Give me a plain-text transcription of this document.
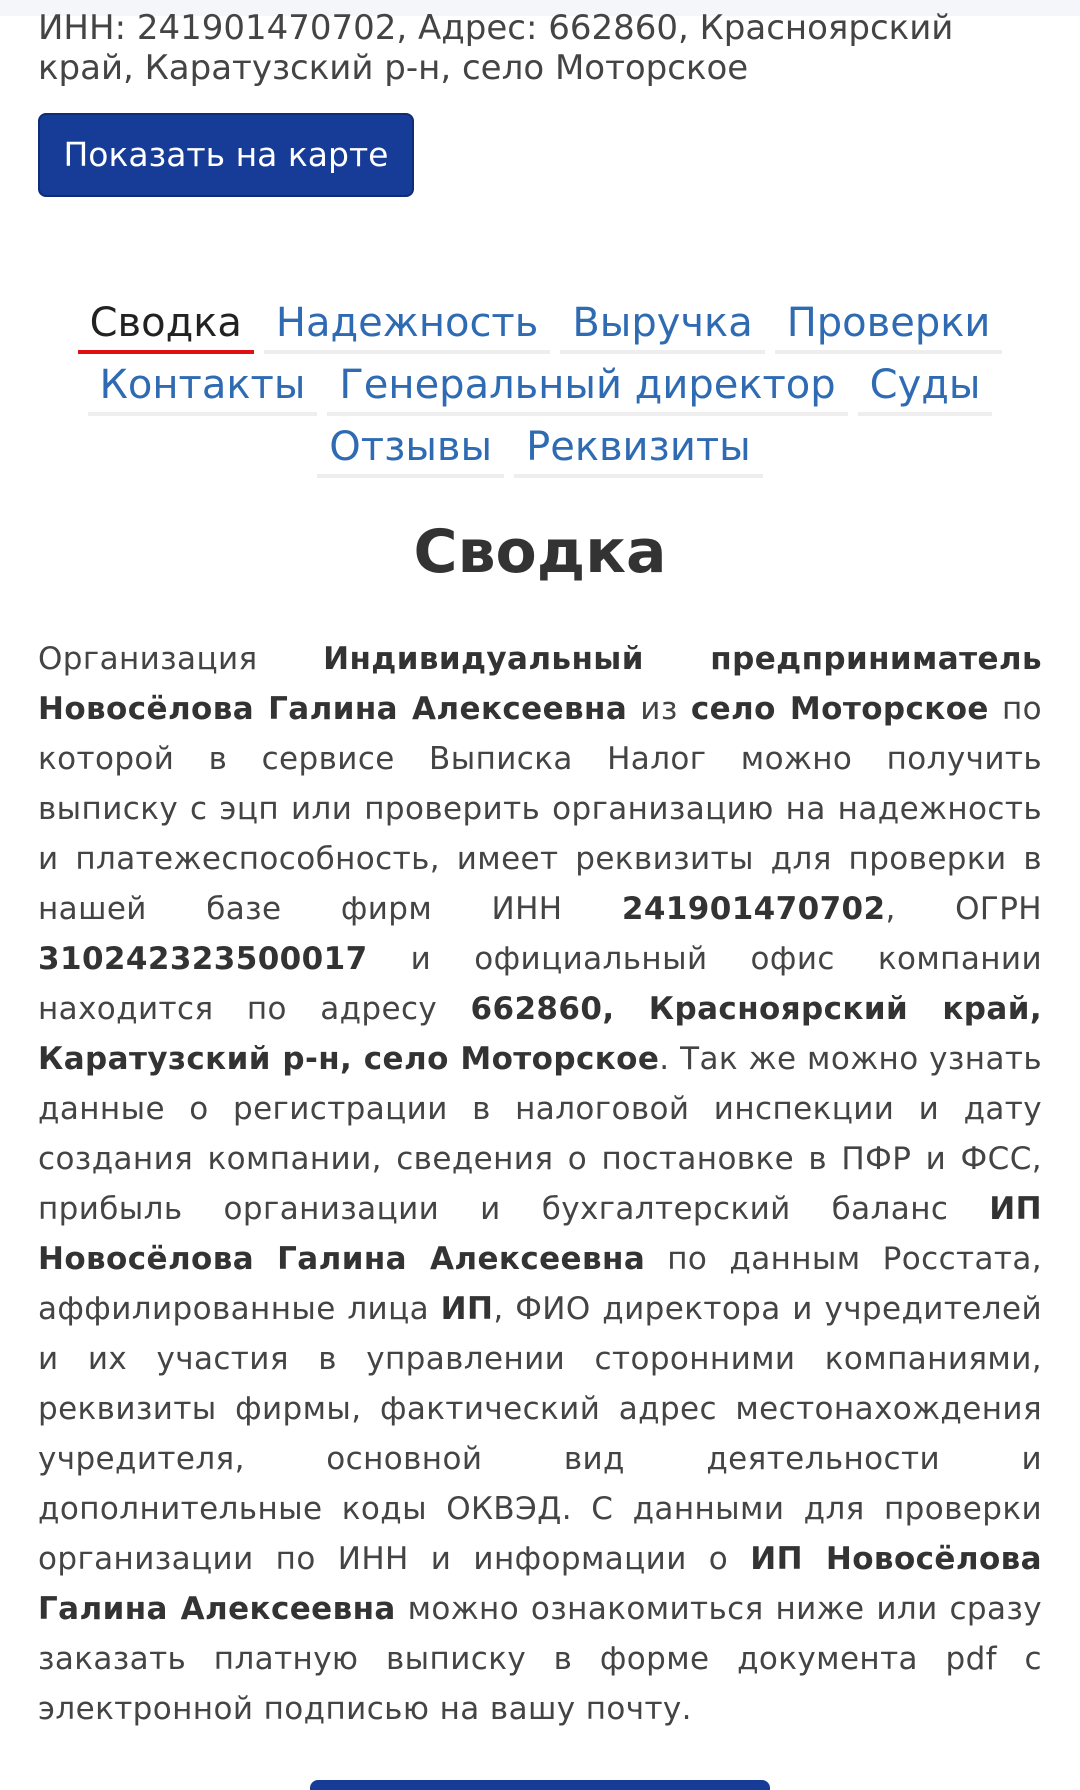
ИНН: 241901470702, Адрес: 662860, Красноярский край, Каратузский р-н, село Моторское
Показать на карте
Сводка Надежность Выручка Проверки
Контакты Генеральный директор Суды
Отзывы Реквизиты
Сводка

Организация Индивидуальный предприниматель Новосёлова Галина Алексеевна из село Моторское по которой в сервисе Выписка Налог можно получить выписку с эцп или проверить организацию на надежность и платежеспособность, имеет реквизиты для проверки в нашей базе фирм ИНН 241901470702, ОГРН 310242323500017 и официальный офис компании находится по адресу 662860, Красноярский край, Каратузский р-н, село Моторское. Так же можно узнать данные о регистрации в налоговой инспекции и дату создания компании, сведения о постановке в ПФР и ФСС, прибыль организации и бухгалтерский баланс ИП Новосёлова Галина Алексеевна по данным Росстата, аффилированные лица ИП, ФИО директора и учредителей и их участия в управлении сторонними компаниями, реквизиты фирмы, фактический адрес местонахождения учредителя, основной вид деятельности и дополнительные коды ОКВЭД. С данными для проверки организации по ИНН и информации о ИП Новосёлова Галина Алексеевна можно ознакомиться ниже или сразу заказать платную выписку в форме документа pdf с электронной подписью на вашу почту.
